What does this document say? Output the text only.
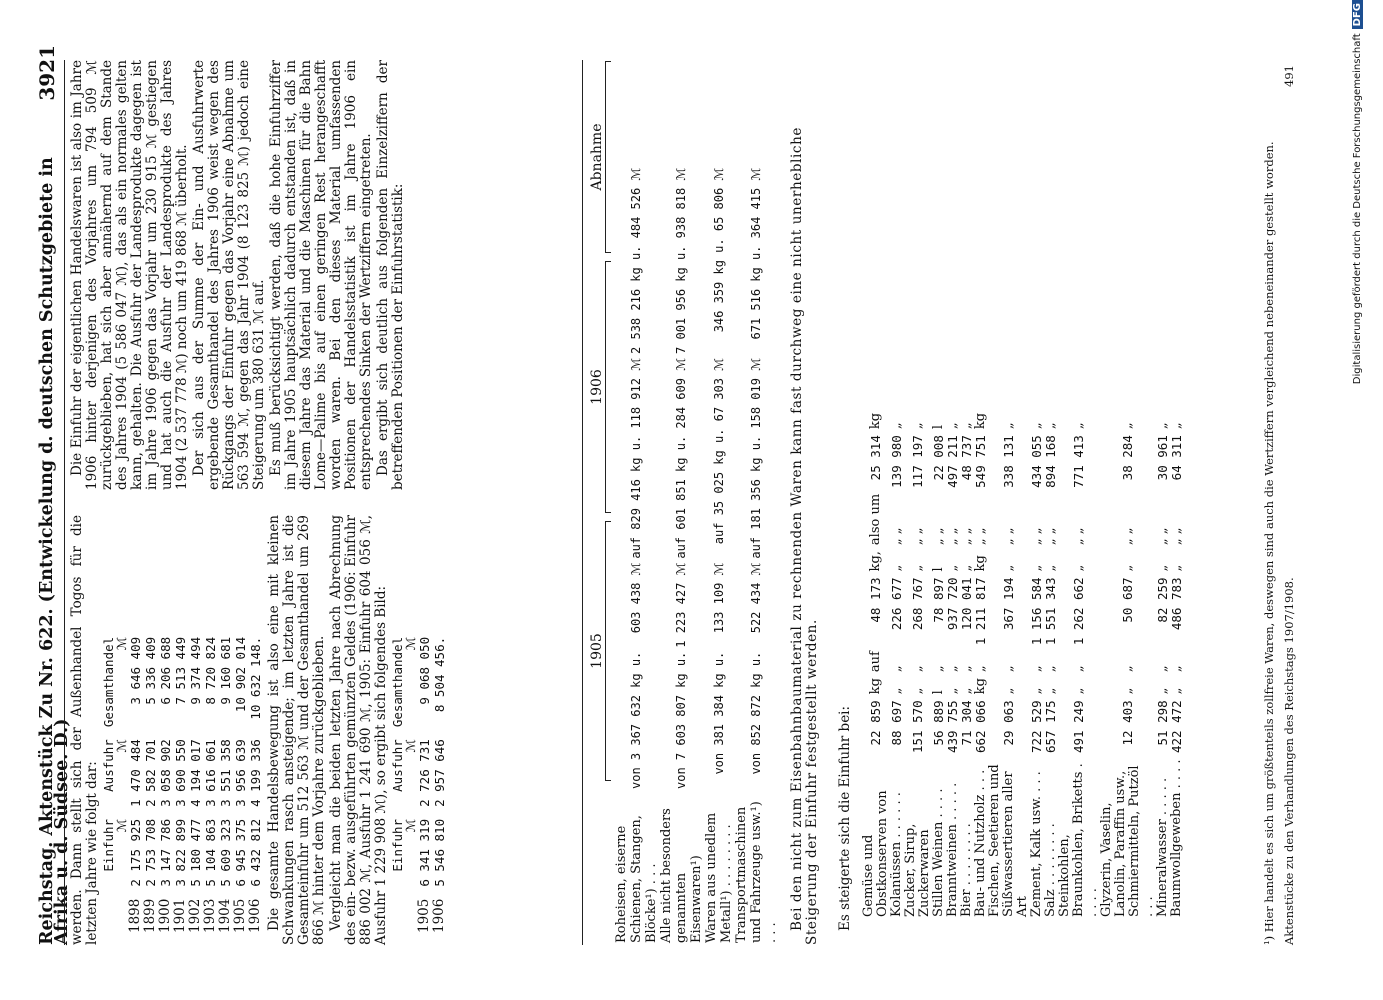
Reichstag. Aktenstück Zu Nr. 622. (Entwickelung d. deutschen Schutzgebiete in Afrika u. d. Südsee. D.)
3921

werden. Dann stellt sich der Außenhandel Togos für die letzten Jahre wie folgt dar:

	Einfuhr	Ausfuhr	Gesamthandel
	ℳ	ℳ	ℳ
1898	2 175 925	1 470 484	3 646 409
1899	2 753 708	2 582 701	5 336 409
1900	3 147 786	3 058 902	6 206 688
1901	3 822 899	3 690 550	7 513 449
1902	5 180 477	4 194 017	9 374 494
1903	5 104 863	3 616 061	8 720 824
1904	5 609 323	3 551 358	9 160 681
1905	6 945 375	3 956 639	10 902 014
1906	6 432 812	4 199 336	10 632 148. Die gesamte Handelsbewegung ist also eine mit kleinen Schwankungen rasch ansteigende; im letzten Jahre ist die Gesamteinfuhr um 512 563 ℳ und der Gesamthandel um 269 866 ℳ hinter dem Vorjahre zurückgeblieben. Vergleicht man die beiden letzten Jahre nach Abrechnung des ein- bezw. ausgeführten gemünzten Geldes (1906: Einfuhr 886 002 ℳ, Ausfuhr 1 241 690 ℳ, 1905: Einfuhr 604 056 ℳ, Ausfuhr 1 229 908 ℳ), so ergibt sich folgendes Bild:

	Einfuhr	Ausfuhr	Gesamthandel
	ℳ	ℳ	ℳ
1905	6 341 319	2 726 731	9 068 050
1906	5 546 810	2 957 646	8 504 456.

Die Einfuhr der eigentlichen Handelswaren ist also im Jahre 1906 hinter derjenigen des Vorjahres um 794 509 ℳ zurückgeblieben, hat sich aber annähernd auf dem Stande des Jahres 1904 (5 586 047 ℳ), das als ein normales gelten kann, gehalten. Die Ausfuhr der Landesprodukte dagegen ist im Jahre 1906 gegen das Vorjahr um 230 915 ℳ gestiegen und hat auch die Ausfuhr der Landesprodukte des Jahres 1904 (2 537 778 ℳ) noch um 419 868 ℳ überholt. Der sich aus der Summe der Ein- und Ausfuhrwerte ergebende Gesamthandel des Jahres 1906 weist wegen des Rückgangs der Einfuhr gegen das Vorjahr eine Abnahme um 563 594 ℳ, gegen das Jahr 1904 (8 123 825 ℳ) jedoch eine Steigerung um 380 631 ℳ auf. Es muß berücksichtigt werden, daß die hohe Einfuhrziffer im Jahre 1905 hauptsächlich dadurch entstanden ist, daß in diesem Jahre das Material und die Maschinen für die Bahn Lome—Palime bis auf einen geringen Rest herangeschafft worden waren. Bei den dieses Material umfassenden Positionen der Handelsstatistik ist im Jahre 1906 ein entsprechendes Sinken der Wertziffern eingetreten. Das ergibt sich deutlich aus folgenden Einzelziffern der betreffenden Positionen der Einfuhrstatistik:

1905
1906
Abnahme
Roheisen, eiserne Schienen, Stangen, Blöcke¹) . . .	von 3 367 632 kg u.	603 438 ℳ	auf 829 416 kg u. 118 912 ℳ	2 538 216 kg u. 484 526 ℳ
Alle nicht besonders genannten Eisenwaren¹)	von 7 603 807 kg u.	1 223 427 ℳ	auf 601 851 kg u. 284 609 ℳ	7 001 956 kg u. 938 818 ℳ
Waren aus unedlem Metall¹) . . . . . . . .	von 381 384 kg u.	133 109 ℳ	auf 35 025 kg u. 67 303 ℳ	346 359 kg u. 65 806 ℳ
Transportmaschinen und Fahrzeuge usw.¹) . . .	von 852 872 kg u.	522 434 ℳ	auf 181 356 kg u. 158 019 ℳ	671 516 kg u. 364 415 ℳ Bei den nicht zum Eisenbahnbaumaterial zu rechnenden Waren kann fast durchweg eine nicht unerhebliche Steigerung der Einfuhr festgestellt werden. Es steigerte sich die Einfuhr bei: Gemüse und Obstkonserven von	22 859	kg	auf	48 173	kg,	also um	25 314	kg
Kolanüssen . . . . . .	88 697	„	„	226 677	„	„ „	139 980	„
Zucker, Sirup, Zuckerwaren	151 570	„	„	268 767	„	„ „	117 197	„
Stillen Weinen . . . .	56 889	l	„	78 897	l	„ „	22 008	l
Branntweinen . . . . .	439 755	„	„	937 720	„	„ „	497 211	„
Bier . . . . . . . .	71 304	„	„	120 041	„	„ „	48 737	„
Bau- und Nutzholz . . .	662 066	kg	„	1 211 817	kg	„ „	549 751	kg
Fischen, Seetieren und Süßwassertieren aller Art	29 063	„	„	367 194	„	„ „	338 131	„
Zement, Kalk usw. . . .	722 529	„	„	1 156 584	„	„ „	434 055	„
Salz . . . . . . . .	657 175	„	„	1 551 343	„	„ „	894 168	„
Steinkohlen, Braunkohlen, Briketts . . . . .	491 249	„	„	1 262 662	„	„ „	771 413	„
Glyzerin, Vaselin, Lanolin, Paraffin usw., Schmiermitteln, Putzöl . . .	12 403	„	„	50 687	„	„ „	38 284	„
Mineralwasser . . . . .	51 298	„	„	82 259	„	„ „	30 961	„
Baumwollgeweben . . . .	422 472	„	„	486 783	„	„ „	64 311	„	¹) Hier handelt es sich um größtenteils zollfreie Waren, deswegen sind auch die Wertziffern vergleichend nebeneinander gestellt worden. Aktenstücke zu den Verhandlungen des Reichstags 1907/1908.
491	Digitalisierung gefördert durch die Deutsche ForschungsgemeinschaftDFG
